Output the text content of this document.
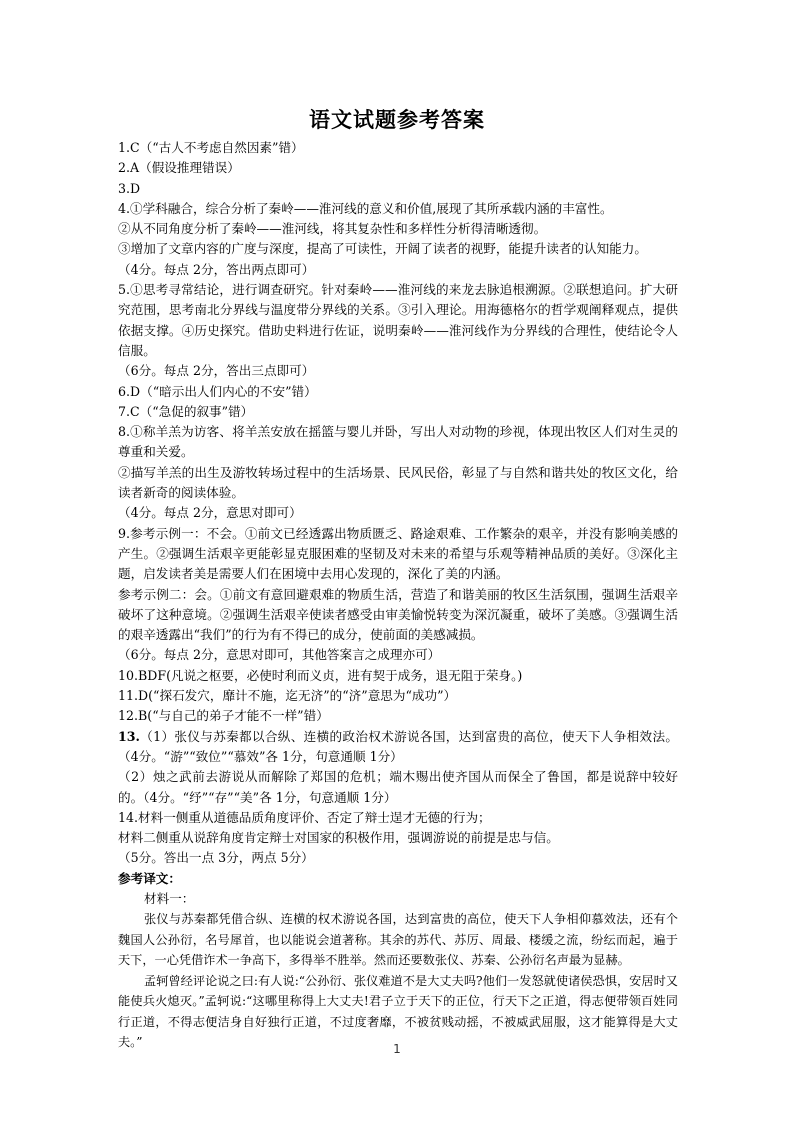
语文试题参考答案

1.C（“古人不考虑自然因素”错）

2.A（假设推理错误）

3.D

4.①学科融合，综合分析了秦岭——淮河线的意义和价值,展现了其所承载内涵的丰富性。

②从不同角度分析了秦岭——淮河线，将其复杂性和多样性分析得清晰透彻。

③增加了文章内容的广度与深度，提高了可读性，开阔了读者的视野，能提升读者的认知能力。

（4分。每点 2分，答出两点即可）

5.①思考寻常结论，进行调查研究。针对秦岭——淮河线的来龙去脉追根溯源。②联想追问。扩大研究范围，思考南北分界线与温度带分界线的关系。③引入理论。用海德格尔的哲学观阐释观点，提供依据支撑。④历史探究。借助史料进行佐证，说明秦岭——淮河线作为分界线的合理性，使结论令人信服。

（6分。每点 2分，答出三点即可）

6.D（“暗示出人们内心的不安”错）

7.C（“急促的叙事”错）

8.①称羊羔为访客、将羊羔安放在摇篮与婴儿并卧，写出人对动物的珍视，体现出牧区人们对生灵的尊重和关爱。

②描写羊羔的出生及游牧转场过程中的生活场景、民风民俗，彰显了与自然和谐共处的牧区文化，给读者新奇的阅读体验。

（4分。每点 2分，意思对即可）

9.参考示例一：不会。①前文已经透露出物质匮乏、路途艰难、工作繁杂的艰辛，并没有影响美感的产生。②强调生活艰辛更能彰显克服困难的坚韧及对未来的希望与乐观等精神品质的美好。③深化主题，启发读者美是需要人们在困境中去用心发现的，深化了美的内涵。

参考示例二：会。①前文有意回避艰难的物质生活，营造了和谐美丽的牧区生活氛围，强调生活艰辛破坏了这种意境。②强调生活艰辛使读者感受由审美愉悦转变为深沉凝重，破坏了美感。③强调生活的艰辛透露出“我们”的行为有不得已的成分，使前面的美感减损。

（6分。每点 2分，意思对即可，其他答案言之成理亦可）

10.BDF(凡说之枢要，必使时利而义贞，进有契于成务，退无阻于荣身。)

11.D(“探石发穴，靡计不施，迄无济”的“济”意思为“成功”）

12.B(“与自己的弟子才能不一样”错）

13.（1）张仪与苏秦都以合纵、连横的政治权术游说各国，达到富贵的高位，使天下人争相效法。（4分。“游”“致位”“慕效”各 1分，句意通顺 1分）

（2）烛之武前去游说从而解除了郑国的危机；端木赐出使齐国从而保全了鲁国，都是说辞中较好的。（4分。“纾”“存”“美”各 1分，句意通顺 1分）

14.材料一侧重从道德品质角度评价、否定了辩士逞才无德的行为；

材料二侧重从说辞角度肯定辩士对国家的积极作用，强调游说的前提是忠与信。

（5分。答出一点 3分，两点 5分）

参考译文：

材料一：

张仪与苏秦都凭借合纵、连横的权术游说各国，达到富贵的高位，使天下人争相仰慕效法，还有个魏国人公孙衍，名号犀首，也以能说会道著称。其余的苏代、苏厉、周最、楼缓之流，纷纭而起，遍于天下，一心凭借诈术一争高下，多得举不胜举。然而还要数张仪、苏秦、公孙衍名声最为显赫。

孟轲曾经评论说之曰:有人说:“公孙衍、张仪难道不是大丈夫吗?他们一发怒就使诸侯恐惧，安居时又能使兵火熄灭。”孟轲说:“这哪里称得上大丈夫!君子立于天下的正位，行天下之正道，得志便带领百姓同行正道，不得志便洁身自好独行正道，不过度奢靡，不被贫贱动摇，不被威武屈服，这才能算得是大丈夫。”	1
